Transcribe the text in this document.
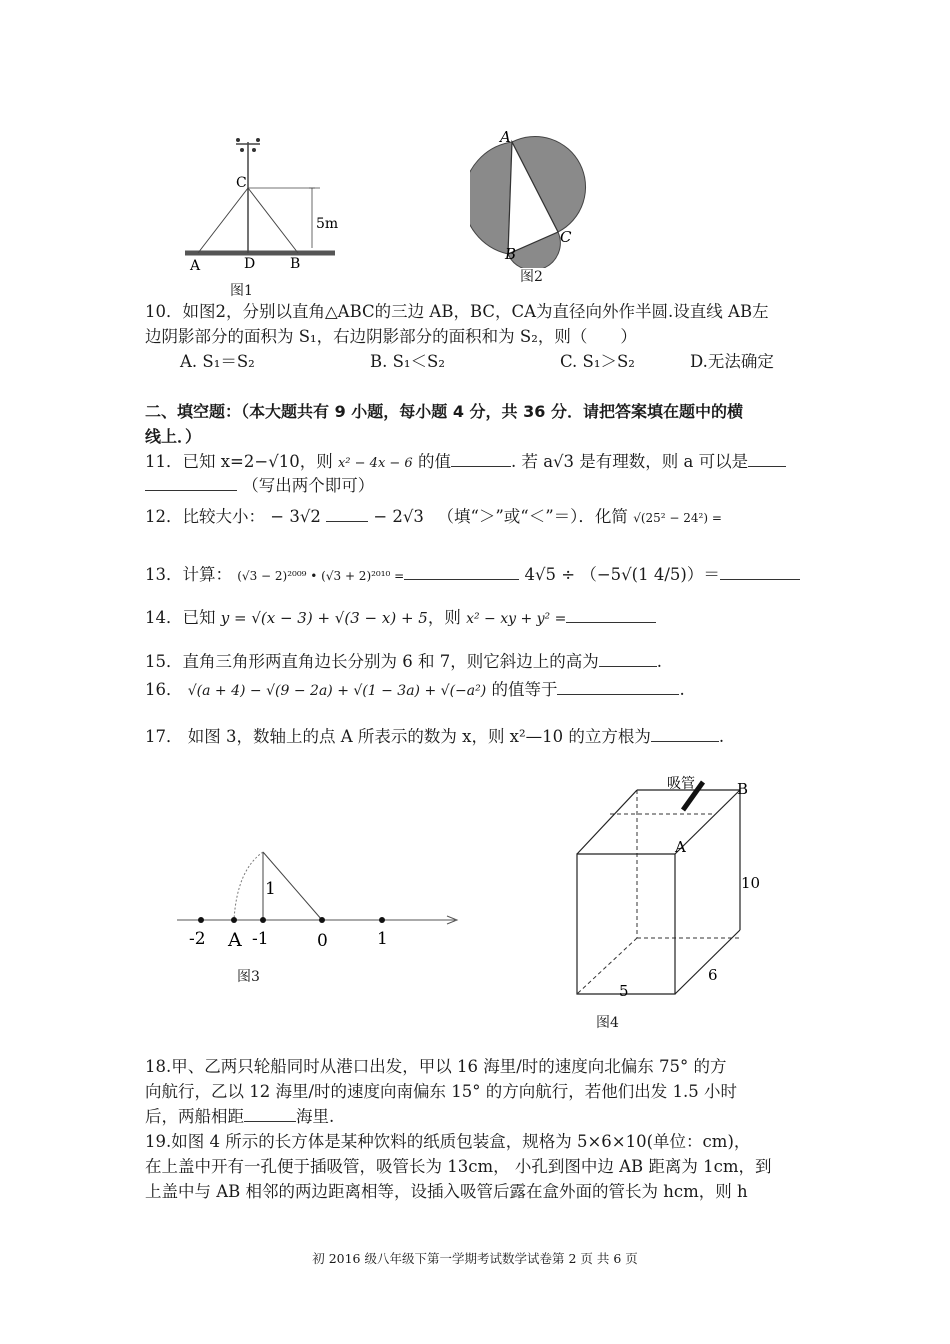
C
5m
A	D B
图1
A
B
C
图2
10．如图2，分别以直角△ABC的三边 AB，BC，CA为直径向外作半圆.设直线 AB左
边阴影部分的面积为 S₁，右边阴影部分的面积和为 S₂，则（　　）
A. S₁＝S₂	B. S₁＜S₂	C. S₁＞S₂	D.无法确定
二、填空题：（本大题共有 9 小题，每小题 4 分，共 36 分．请把答案填在题中的横
线上．）
11．已知 x=2−√10，则 x² − 4x − 6 的值	. 若 a√3 是有理数，则 a 可以是
（写出两个即可）
12．比较大小： − 3√2	− 2√3 　 （填“＞”或“＜”＝）．化简 √(25² − 24²) =
13．计算： (√3 − 2)²⁰⁰⁹ • (√3 + 2)²⁰¹⁰ =	4√5 ÷ （−5√(1 4/5)）＝
14．已知 y = √(x − 3) + √(3 − x) + 5，则 x² − xy + y² =
15．直角三角形两直角边长分别为 6 和 7，则它斜边上的高为	.
16． √(a + 4) − √(9 − 2a) + √(1 − 3a) + √(−a²) 的值等于	.
17． 如图 3，数轴上的点 A 所表示的数为 x，则 x²—10 的立方根为	.
1
-2 A -1	0	1
图3
吸管	B
A
10
6
5
图4
18.甲、乙两只轮船同时从港口出发，甲以 16 海里/时的速度向北偏东 75° 的方
向航行，乙以 12 海里/时的速度向南偏东 15° 的方向航行，若他们出发 1.5 小时
后，两船相距	海里.
19.如图 4 所示的长方体是某种饮料的纸质包装盒，规格为 5×6×10(单位：cm)，
在上盖中开有一孔便于插吸管，吸管长为 13cm， 小孔到图中边 AB 距离为 1cm，到
上盖中与 AB 相邻的两边距离相等，设插入吸管后露在盒外面的管长为 hcm，则 h
初 2016 级八年级下第一学期考试数学试卷第 2 页 共 6 页
